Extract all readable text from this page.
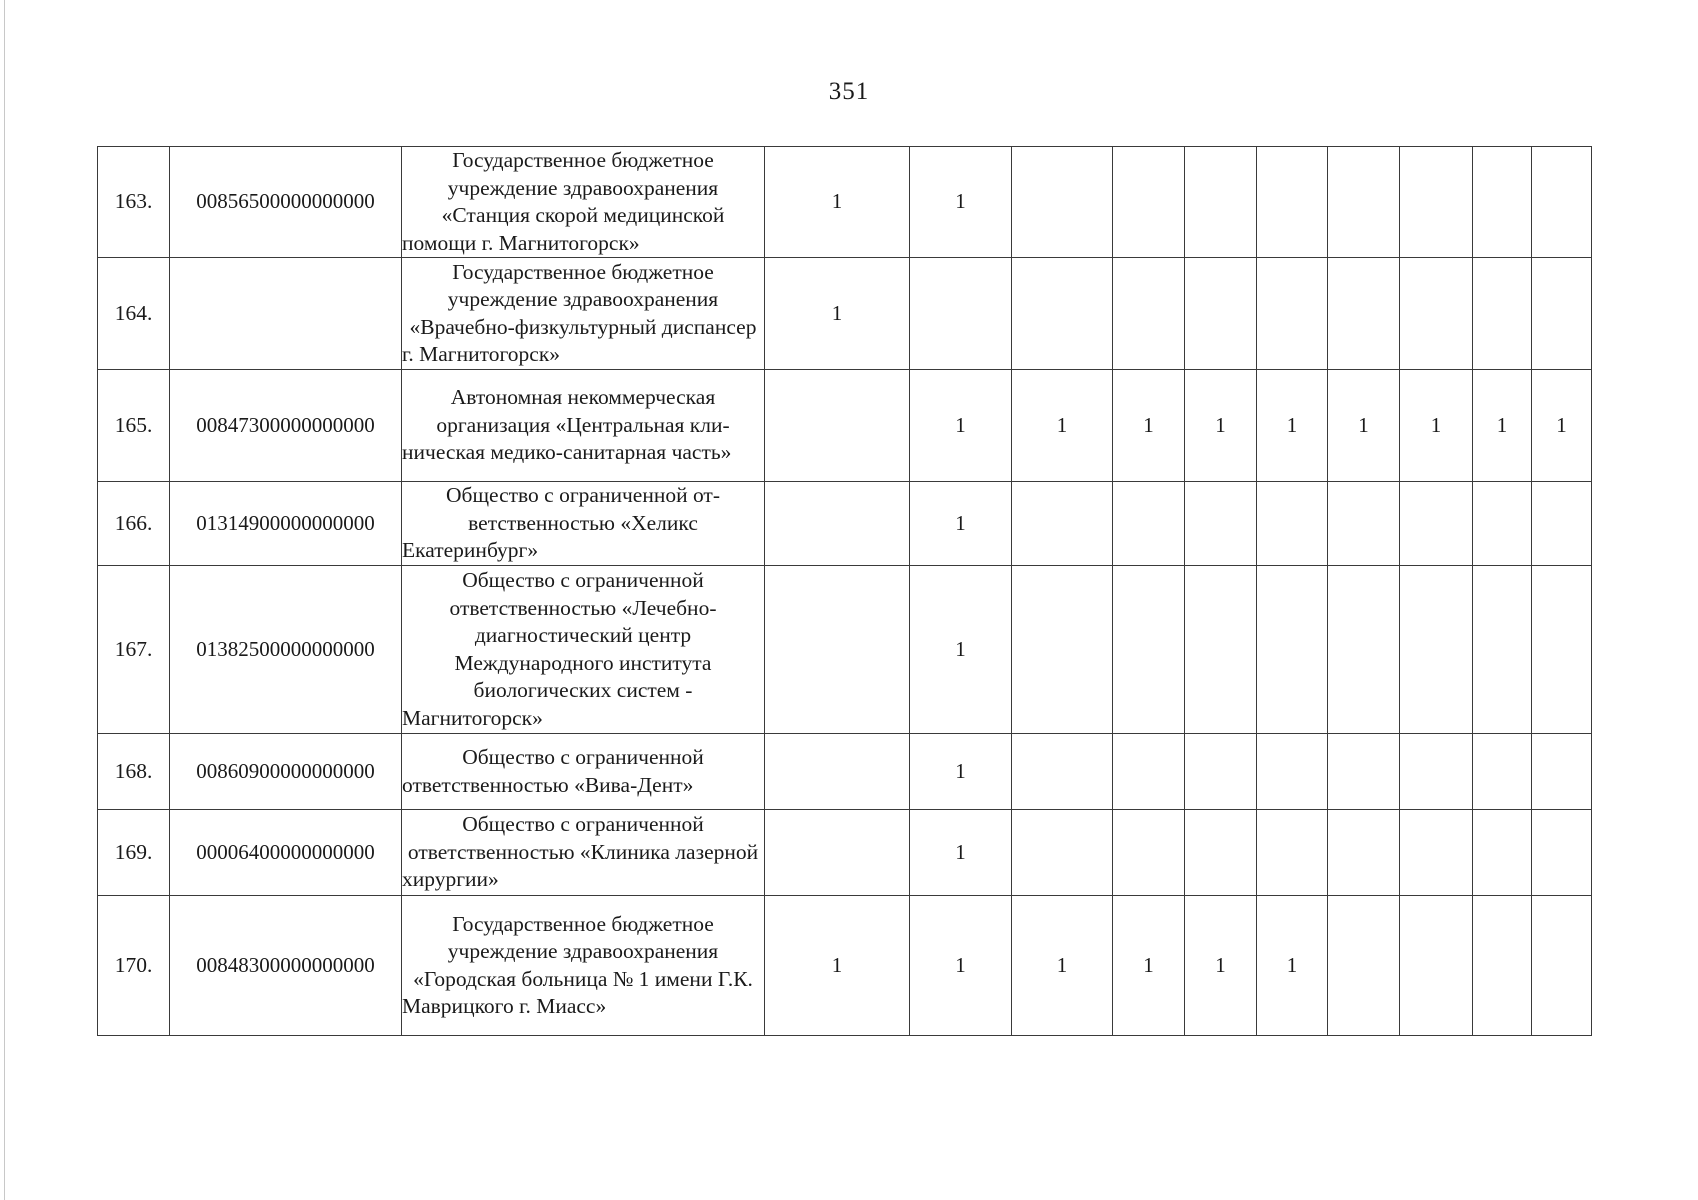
351
163.	00856500000000000	Государственное бюджетное учреждение здравоохранения «Станция скорой медицинской помощи г. Магнитогорск»	1	1								
164.		Государственное бюджетное учреждение здравоохранения «Врачебно-физкультурный диспансер г. Магнитогорск»	1									
165.	00847300000000000	Автономная некоммерческая организация «Центральная клиническая медико-санитарная часть»		1	1	1	1	1	1	1	1	1
166.	01314900000000000	Общество с ограниченной ответственностью «Хеликс Екатеринбург»		1								
167.	01382500000000000	Общество с ограниченной ответственностью «Лечебно-диагностический центр Международного института биологических систем - Магнитогорск»		1								
168.	00860900000000000	Общество с ограниченной ответственностью «Вива-Дент»		1								
169.	00006400000000000	Общество с ограниченной ответственностью «Клиника лазерной хирургии»		1								
170.	00848300000000000	Государственное бюджетное учреждение здравоохранения «Городская больница № 1 имени Г.К. Маврицкого г. Миасс»	1	1	1	1	1	1				
